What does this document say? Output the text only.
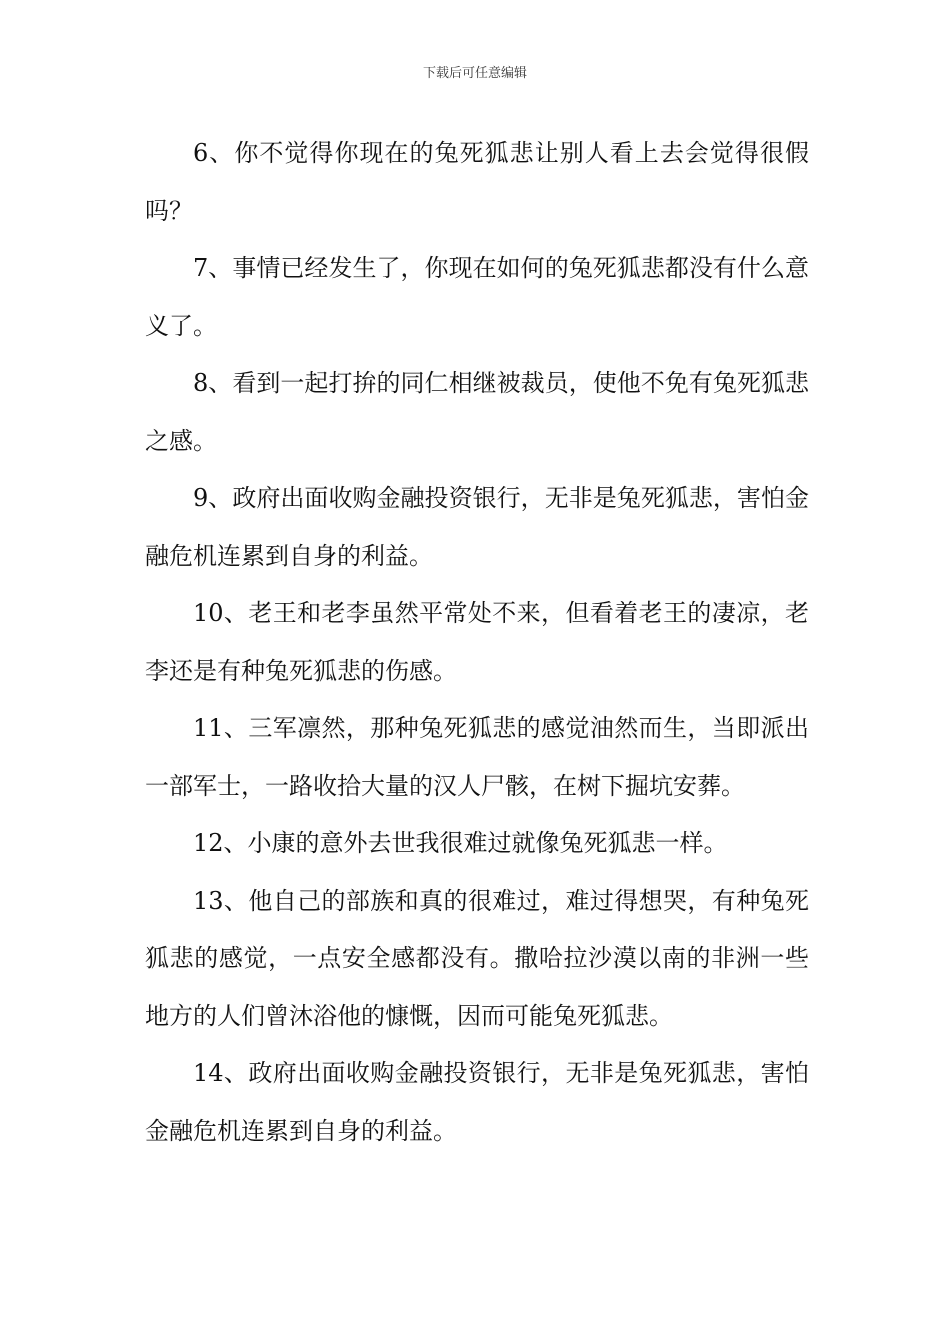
下载后可任意编辑

6、你不觉得你现在的兔死狐悲让别人看上去会觉得很假吗？

7、事情已经发生了，你现在如何的兔死狐悲都没有什么意义了。

8、看到一起打拚的同仁相继被裁员，使他不免有兔死狐悲之感。

9、政府出面收购金融投资银行，无非是兔死狐悲，害怕金融危机连累到自身的利益。

10、老王和老李虽然平常处不来，但看着老王的凄凉，老李还是有种兔死狐悲的伤感。

11、三军凛然，那种兔死狐悲的感觉油然而生，当即派出一部军士，一路收拾大量的汉人尸骸，在树下掘坑安葬。

12、小康的意外去世我很难过就像兔死狐悲一样。

13、他自己的部族和真的很难过，难过得想哭，有种兔死狐悲的感觉，一点安全感都没有。撒哈拉沙漠以南的非洲一些地方的人们曾沐浴他的慷慨，因而可能兔死狐悲。

14、政府出面收购金融投资银行，无非是兔死狐悲，害怕金融危机连累到自身的利益。
